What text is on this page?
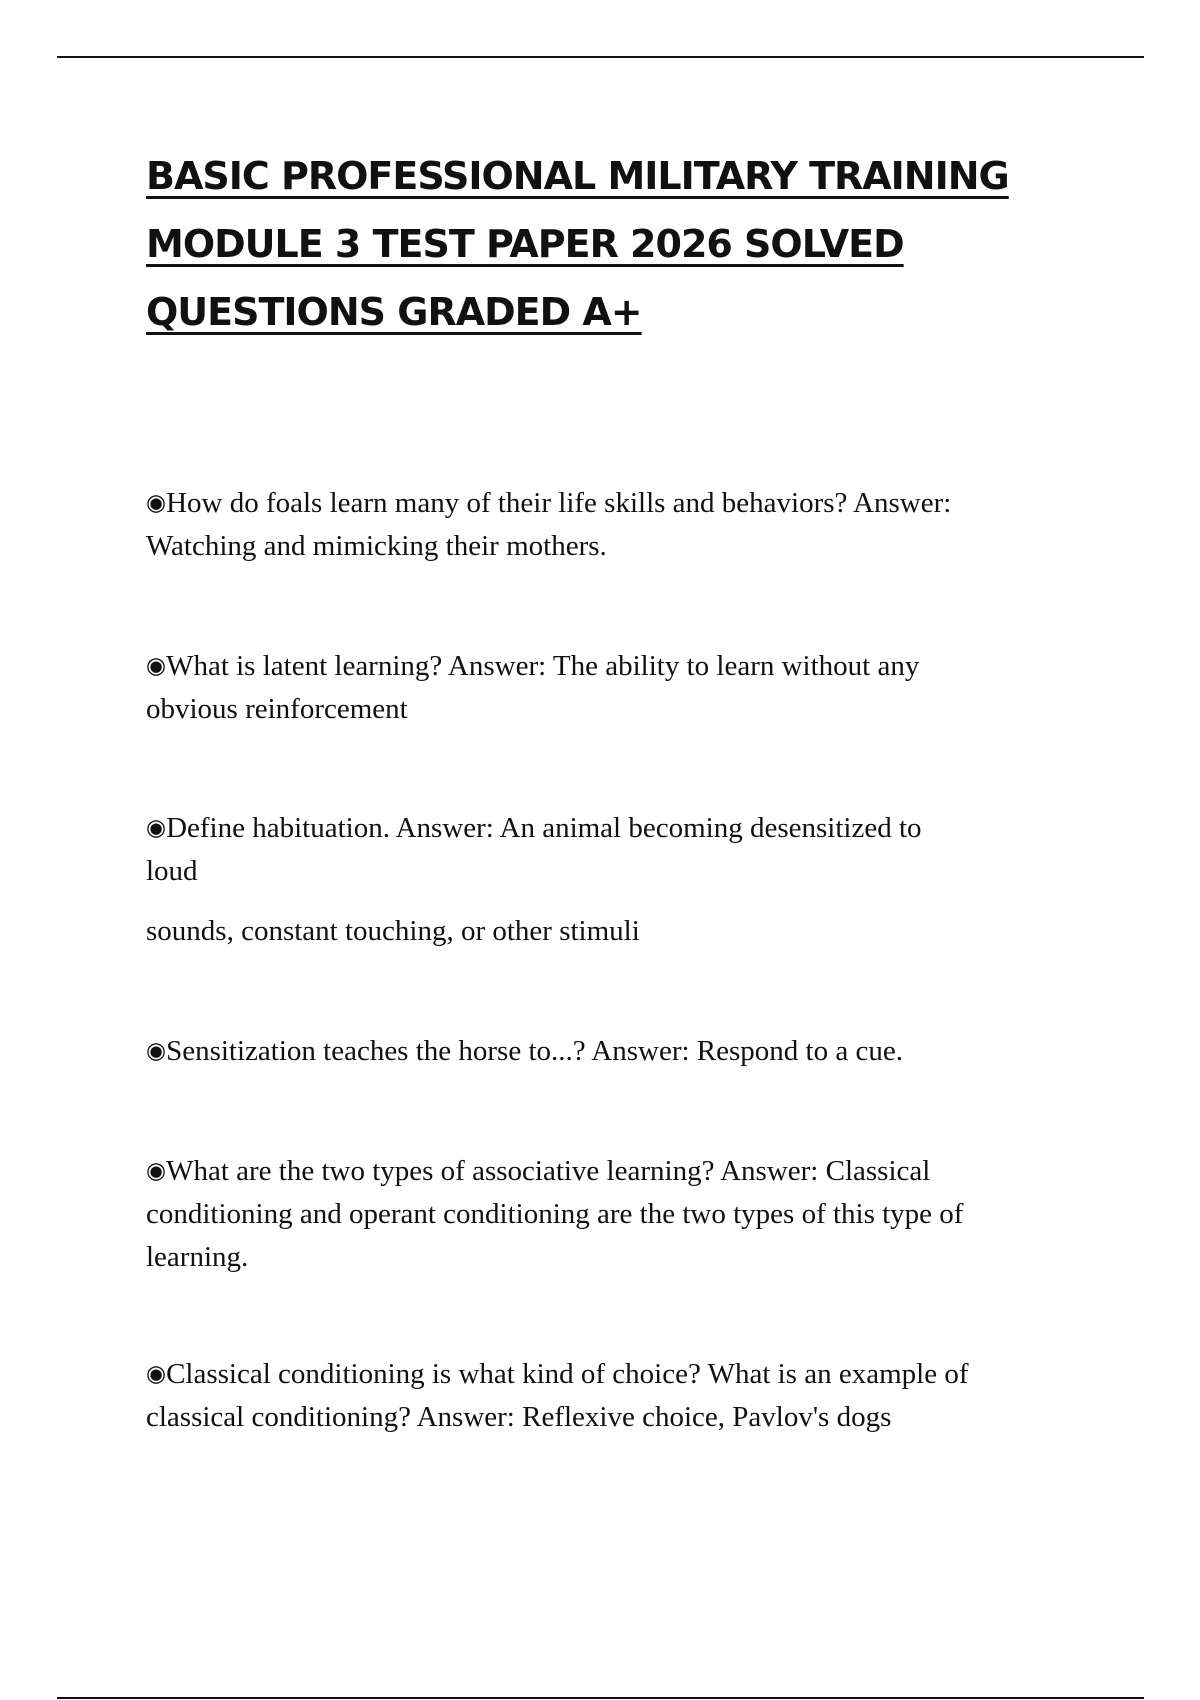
BASIC PROFESSIONAL MILITARY TRAINING
MODULE 3 TEST PAPER 2026 SOLVED
QUESTIONS GRADED A+

◉How do foals learn many of their life skills and behaviors? Answer:
Watching and mimicking their mothers.

◉What is latent learning? Answer: The ability to learn without any
obvious reinforcement

◉Define habituation. Answer: An animal becoming desensitized to
loud
sounds, constant touching, or other stimuli

◉Sensitization teaches the horse to...? Answer: Respond to a cue.

◉What are the two types of associative learning? Answer: Classical
conditioning and operant conditioning are the two types of this type of
learning.

◉Classical conditioning is what kind of choice? What is an example of
classical conditioning? Answer: Reflexive choice, Pavlov's dogs
